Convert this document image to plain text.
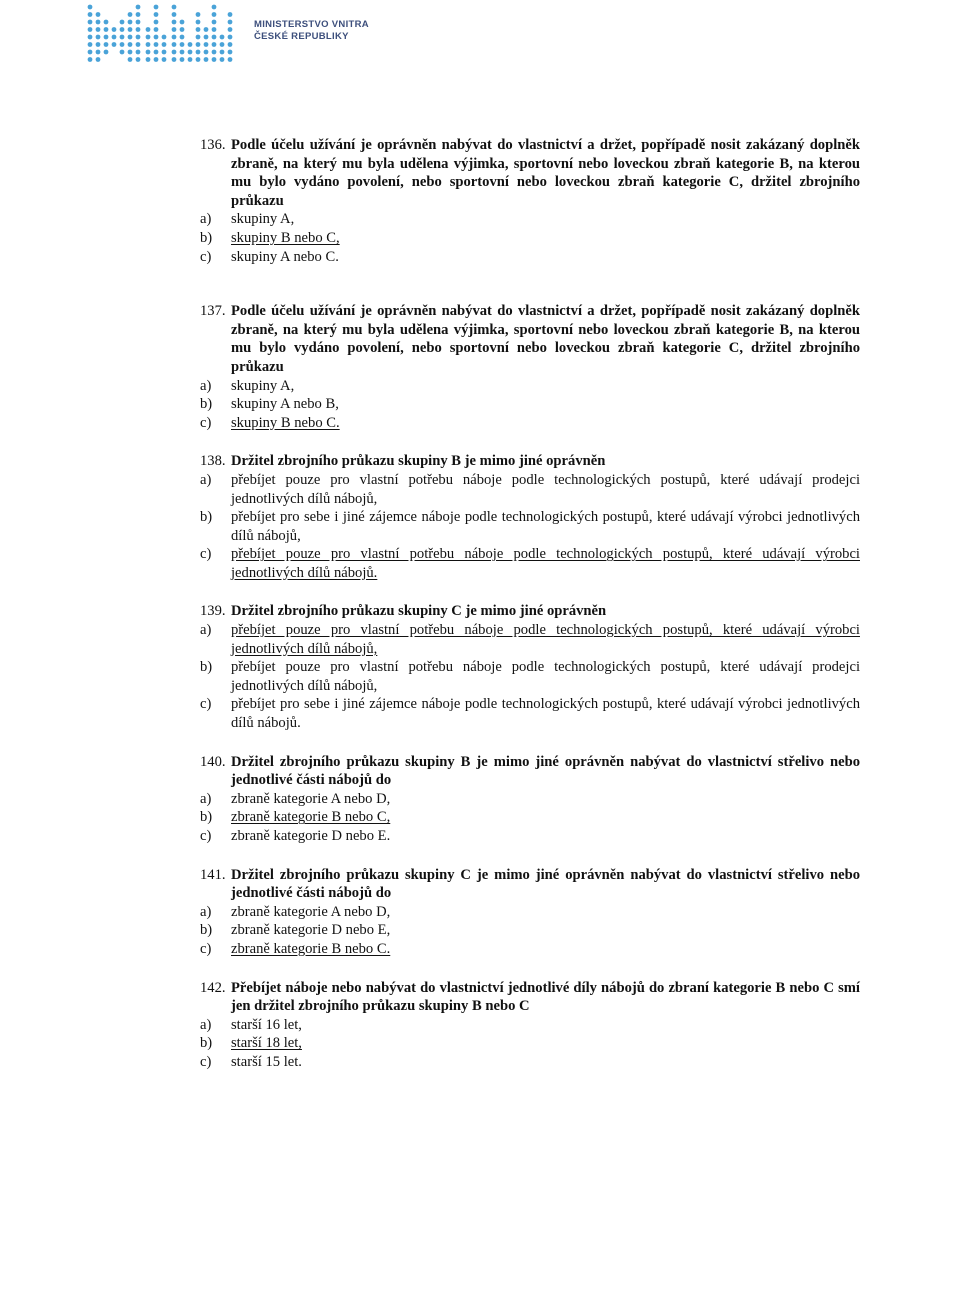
MINISTERSTVO VNITRA
ČESKÉ REPUBLIKY
136. Podle účelu užívání je oprávněn nabývat do vlastnictví a držet, popřípadě nosit zakázaný doplněk zbraně, na který mu byla udělena výjimka, sportovní nebo loveckou zbraň kategorie B, na kterou mu bylo vydáno povolení, nebo sportovní nebo loveckou zbraň kategorie C, držitel zbrojního průkazu
a)	skupiny A,
b)	skupiny B nebo C,
c)	skupiny A nebo C.
137. Podle účelu užívání je oprávněn nabývat do vlastnictví a držet, popřípadě nosit zakázaný doplněk zbraně, na který mu byla udělena výjimka, sportovní nebo loveckou zbraň kategorie B, na kterou mu bylo vydáno povolení, nebo sportovní nebo loveckou zbraň kategorie C, držitel zbrojního průkazu
a)	skupiny A,
b)	skupiny A nebo B,
c)	skupiny B nebo C.
138. Držitel zbrojního průkazu skupiny B je mimo jiné oprávněn
a)	přebíjet pouze pro vlastní potřebu náboje podle technologických postupů, které udávají prodejci jednotlivých dílů nábojů,
b)	přebíjet pro sebe i jiné zájemce náboje podle technologických postupů, které udávají výrobci jednotlivých dílů nábojů,
c)	přebíjet pouze pro vlastní potřebu náboje podle technologických postupů, které udávají výrobci jednotlivých dílů nábojů.
139. Držitel zbrojního průkazu skupiny C je mimo jiné oprávněn
a)	přebíjet pouze pro vlastní potřebu náboje podle technologických postupů, které udávají výrobci jednotlivých dílů nábojů,
b)	přebíjet pouze pro vlastní potřebu náboje podle technologických postupů, které udávají prodejci jednotlivých dílů nábojů,
c)	přebíjet pro sebe i jiné zájemce náboje podle technologických postupů, které udávají výrobci jednotlivých dílů nábojů.
140. Držitel zbrojního průkazu skupiny B je mimo jiné oprávněn nabývat do vlastnictví střelivo nebo jednotlivé části nábojů do
a)	zbraně kategorie A nebo D,
b)	zbraně kategorie B nebo C,
c)	zbraně kategorie D nebo E.
141. Držitel zbrojního průkazu skupiny C je mimo jiné oprávněn nabývat do vlastnictví střelivo nebo jednotlivé části nábojů do
a)	zbraně kategorie A nebo D,
b)	zbraně kategorie D nebo E,
c)	zbraně kategorie B nebo C.
142. Přebíjet náboje nebo nabývat do vlastnictví jednotlivé díly nábojů do zbraní kategorie B nebo C smí jen držitel zbrojního průkazu skupiny B nebo C
a)	starší 16 let,
b)	starší 18 let,
c)	starší 15 let.
